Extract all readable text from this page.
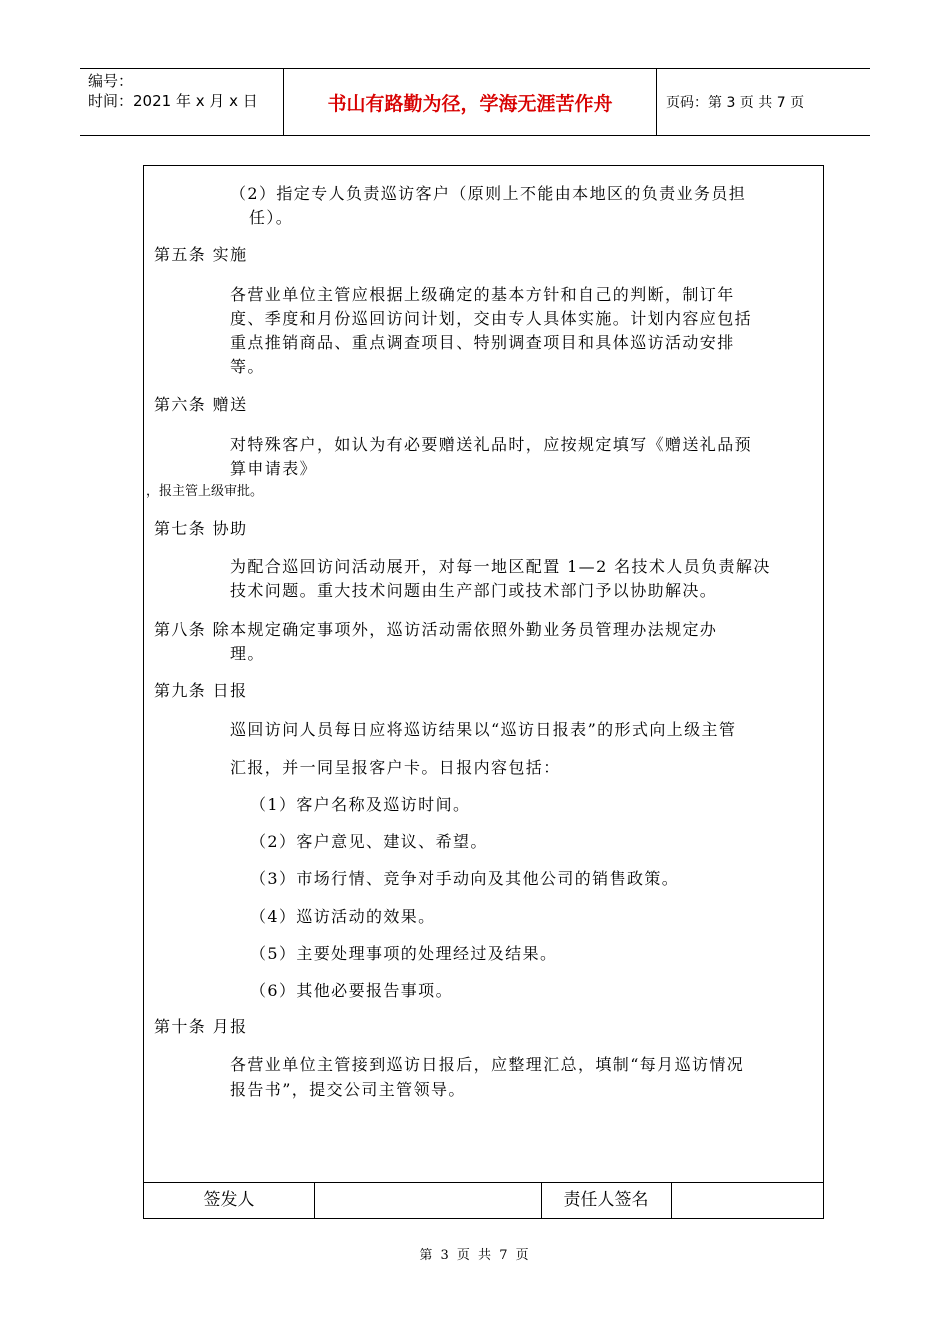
编号：
时间：2021 年 x 月 x 日	书山有路勤为径，学海无涯苦作舟	页码：第 3 页 共 7 页
（2）指定专人负责巡访客户（原则上不能由本地区的负责业务员担
任）。
第五条 实施
各营业单位主管应根据上级确定的基本方针和自己的判断，制订年
度、季度和月份巡回访问计划，交由专人具体实施。计划内容应包括
重点推销商品、重点调查项目、特别调查项目和具体巡访活动安排
等。
第六条 赠送
对特殊客户，如认为有必要赠送礼品时，应按规定填写《赠送礼品预
算申请表》
，报主管上级审批。
第七条 协助
为配合巡回访问活动展开，对每一地区配置 1—2 名技术人员负责解决
技术问题。重大技术问题由生产部门或技术部门予以协助解决。
第八条 除本规定确定事项外，巡访活动需依照外勤业务员管理办法规定办
理。
第九条 日报
巡回访问人员每日应将巡访结果以“巡访日报表”的形式向上级主管
汇报，并一同呈报客户卡。日报内容包括：
（1）客户名称及巡访时间。
（2）客户意见、建议、希望。
（3）市场行情、竞争对手动向及其他公司的销售政策。
（4）巡访活动的效果。
（5）主要处理事项的处理经过及结果。
（6）其他必要报告事项。
第十条 月报
各营业单位主管接到巡访日报后，应整理汇总，填制“每月巡访情况
报告书”，提交公司主管领导。
签发人	责任人签名
第 3 页 共 7 页
